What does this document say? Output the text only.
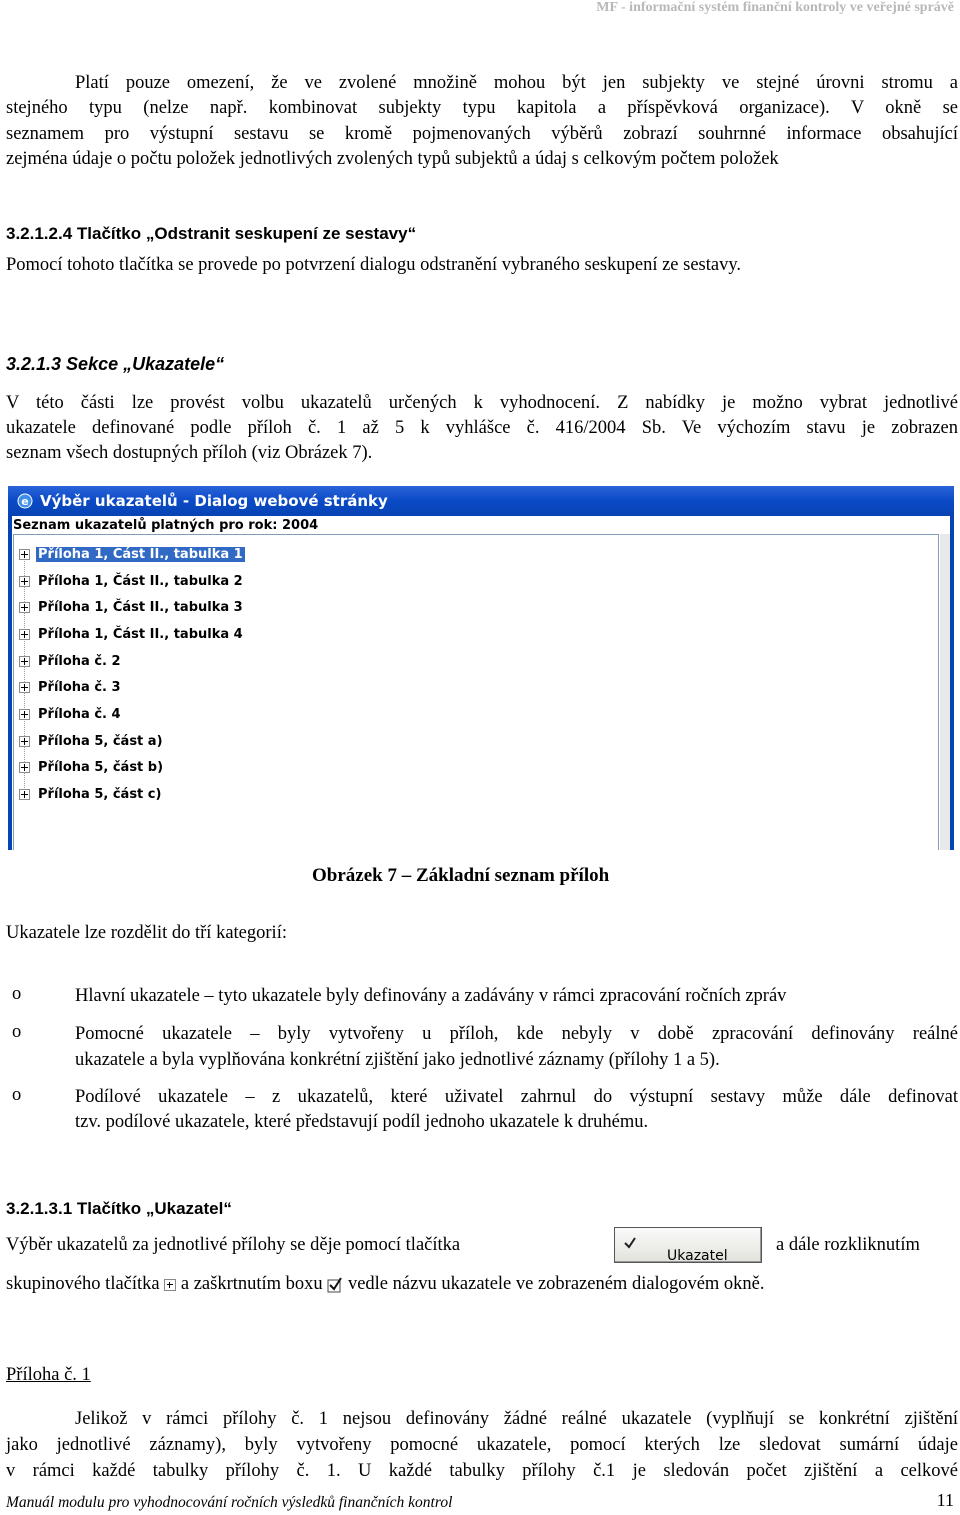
MF - informační systém finanční kontroly ve veřejné správě
Platí pouze omezení, že ve zvolené množině mohou být jen subjekty ve stejné úrovni stromu a
stejného typu (nelze např. kombinovat subjekty typu kapitola a příspěvková organizace). V okně se
seznamem pro výstupní sestavu se kromě pojmenovaných výběrů zobrazí souhrnné informace obsahující
zejména údaje o počtu položek jednotlivých zvolených typů subjektů a údaj s celkovým počtem položek
3.2.1.2.4 Tlačítko „Odstranit seskupení ze sestavy“
Pomocí tohoto tlačítka se provede po potvrzení dialogu odstranění vybraného seskupení ze sestavy.
3.2.1.3 Sekce „Ukazatele“
V této části lze provést volbu ukazatelů určených k vyhodnocení. Z nabídky je možno vybrat jednotlivé
ukazatele definované podle příloh č. 1 až 5 k vyhlášce č. 416/2004 Sb. Ve výchozím stavu je zobrazen
seznam všech dostupných příloh (viz Obrázek 7).
e Výběr ukazatelů - Dialog webové stránky
Seznam ukazatelů platných pro rok: 2004
Příloha 1, Část II., tabulka 1
Příloha 1, Část II., tabulka 2
Příloha 1, Část II., tabulka 3
Příloha 1, Část II., tabulka 4
Příloha č. 2
Příloha č. 3
Příloha č. 4
Příloha 5, část a)
Příloha 5, část b)
Příloha 5, část c)
Obrázek 7 – Základní seznam příloh
Ukazatele lze rozdělit do tří kategorií:
o	Hlavní ukazatele – tyto ukazatele byly definovány a zadávány v rámci zpracování ročních zpráv
o	Pomocné ukazatele – byly vytvořeny u příloh, kde nebyly v době zpracování definovány reálné
ukazatele a byla vyplňována konkrétní zjištění jako jednotlivé záznamy (přílohy 1 a 5).
o	Podílové ukazatele – z ukazatelů, které uživatel zahrnul do výstupní sestavy může dále definovat
tzv. podílové ukazatele, které představují podíl jednoho ukazatele k druhému.
3.2.1.3.1 Tlačítko „Ukazatel“
Výběr ukazatelů za jednotlivé přílohy se děje pomocí tlačítka
Ukazatel
a dále rozkliknutím
skupinového tlačítka a zaškrtnutím boxu vedle názvu ukazatele ve zobrazeném dialogovém okně.
Příloha č. 1
Jelikož v rámci přílohy č. 1 nejsou definovány žádné reálné ukazatele (vyplňují se konkrétní zjištění
jako jednotlivé záznamy), byly vytvořeny pomocné ukazatele, pomocí kterých lze sledovat sumární údaje
v rámci každé tabulky přílohy č. 1. U každé tabulky přílohy č.1 je sledován počet zjištění a celkové
Manuál modulu pro vyhodnocování ročních výsledků finančních kontrol	11
